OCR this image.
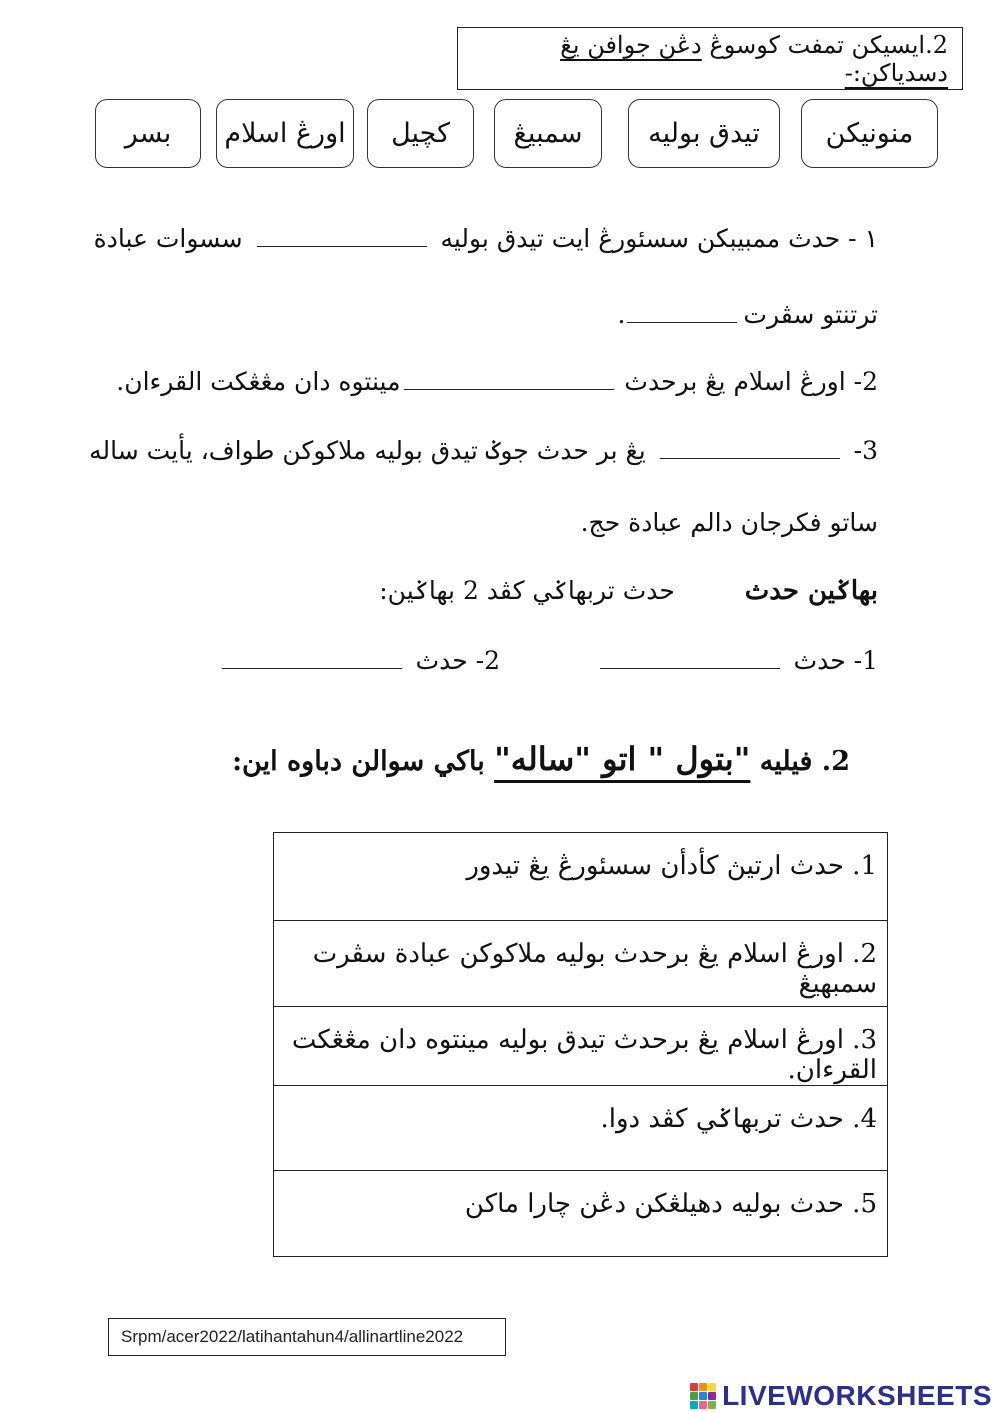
2.ايسيکن تمفت کوسوڠ دڠن جوافن يڠ دسدياکن:-
منونيكن
تيدق بوليه
سمبيڠ
کچيل
اورڠ اسلام
بسر
١ - حدث ممبيبکن سسئورڠ ايت تيدق بوليه  سسوات عبادة
ترتنتو سڤرت.
2- اورڠ اسلام يڠ برحدث مينتوه دان مڠڠکت القرءان.
3-  يڠ بر حدث جوݢ تيدق بوليه ملاکوکن طواف، يأيت ساله
ساتو فکرجان دالم عبادة حج.
بهاݢين حدث  حدث تربهاݢي کڤد 2 بهاݢين:
1- حدث
2- حدث
2. فيليه "بتول " اتو "ساله" باکي سوالن دباوه اين:
1. حدث ارتيڽ کأدأن سسئورڠ يڠ تيدور
2. اورڠ اسلام يڠ برحدث بوليه ملاکوکن عبادة سڤرت سمبهيڠ
3. اورڠ اسلام يڠ برحدث تيدق بوليه مينتوه دان مڠڠکت القرءان.
4. حدث تربهاݢي کڤد دوا.
5. حدث بوليه دهيلڠکن دڠن چارا ماکن
Srpm/acer2022/latihantahun4/allinartline2022
LIVEWORKSHEETS
